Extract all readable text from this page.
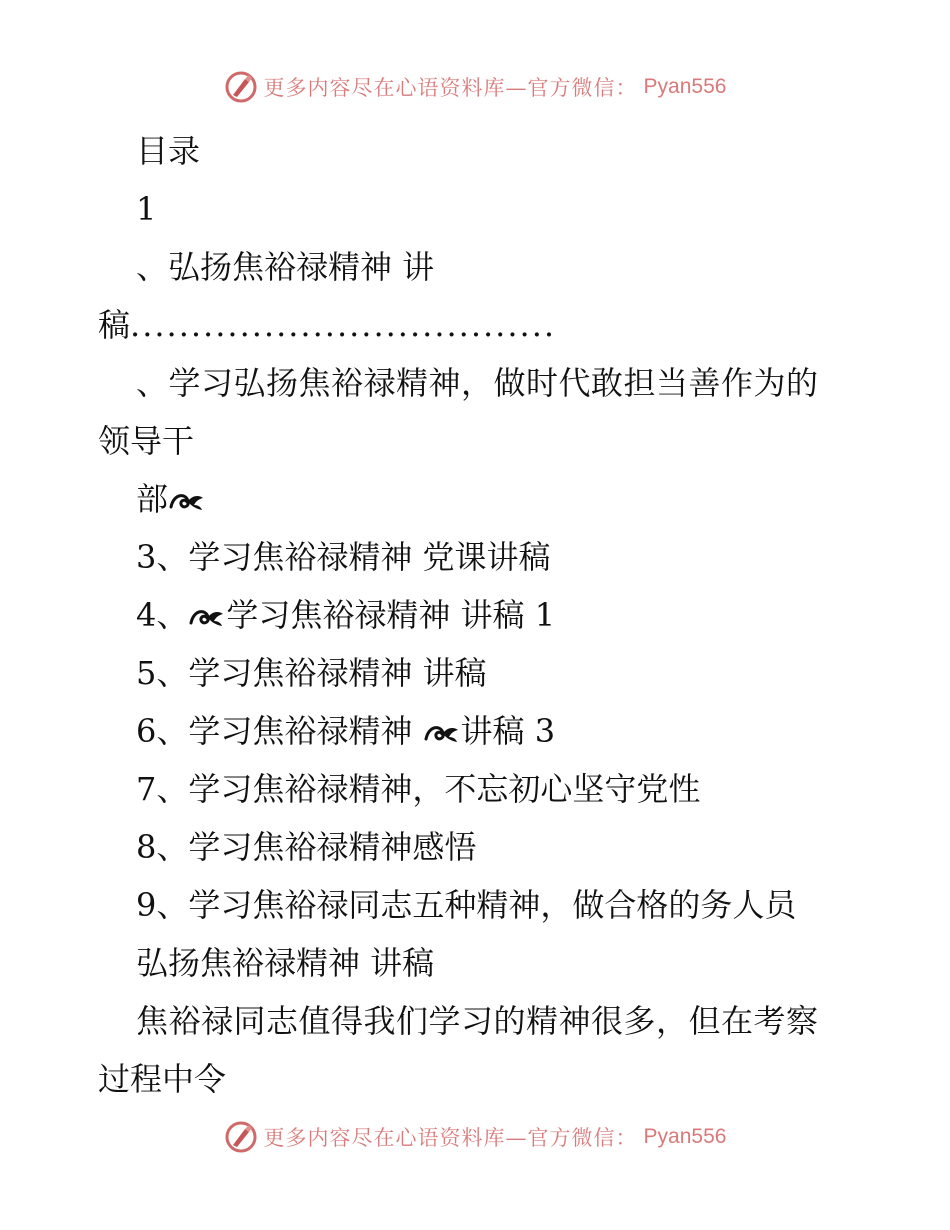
更多内容尽在心语资料库—官方微信： Pyan556
目录
1
、弘扬焦裕禄精神 讲
稿...................................
、学习弘扬焦裕禄精神，做时代敢担当善作为的
领导干
部
3、学习焦裕禄精神 党课讲稿
4、 学习焦裕禄精神 讲稿 1
5、学习焦裕禄精神 讲稿
6、学习焦裕禄精神 讲稿 3
7、学习焦裕禄精神，不忘初心坚守党性
8、学习焦裕禄精神感悟
9、学习焦裕禄同志五种精神，做合格的务人员
弘扬焦裕禄精神 讲稿
焦裕禄同志值得我们学习的精神很多，但在考察
过程中令
更多内容尽在心语资料库—官方微信： Pyan556
